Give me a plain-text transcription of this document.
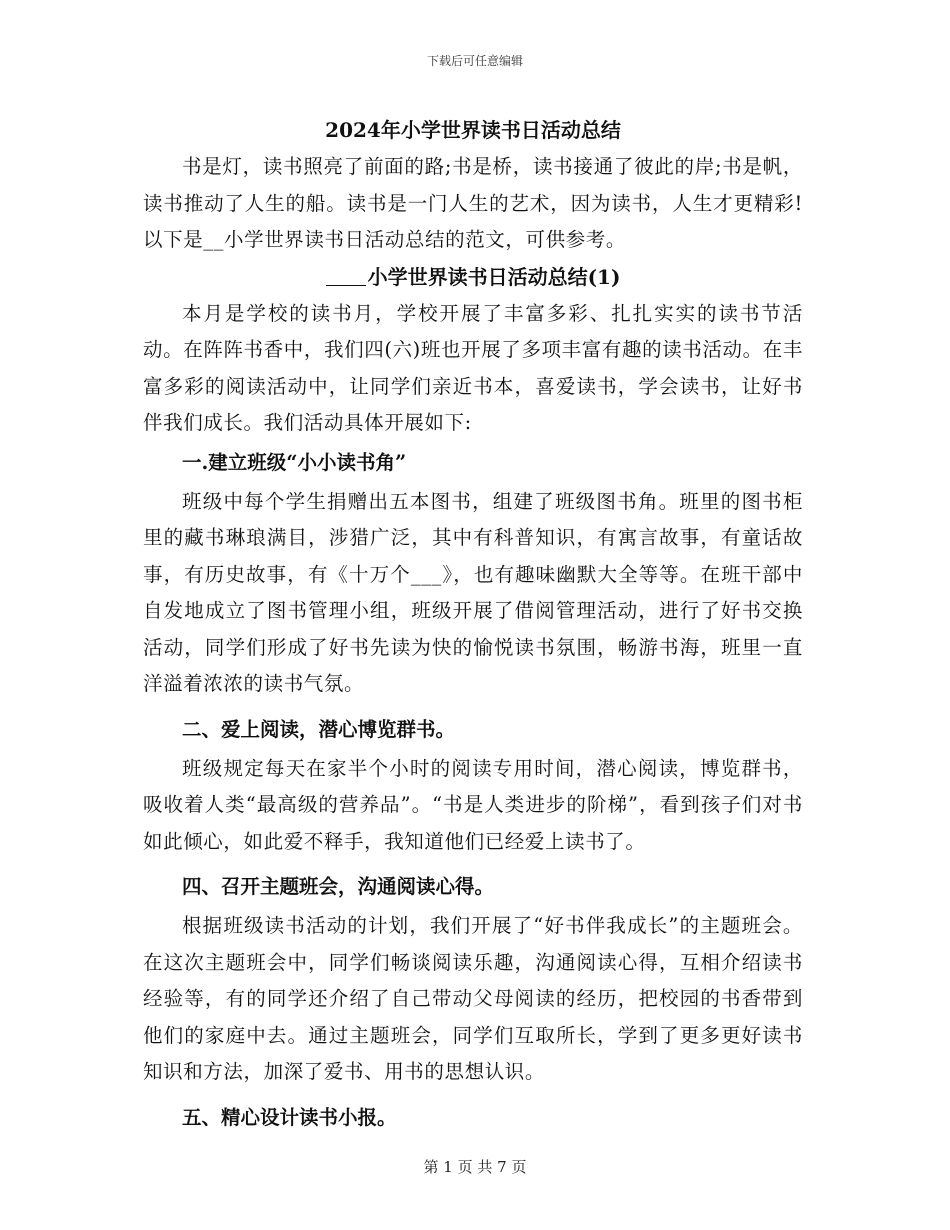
下载后可任意编辑
2024年小学世界读书日活动总结

书是灯，读书照亮了前面的路;书是桥，读书接通了彼此的岸;书是帆，读书推动了人生的船。读书是一门人生的艺术，因为读书，人生才更精彩!以下是__小学世界读书日活动总结的范文，可供参考。

小学世界读书日活动总结(1)

本月是学校的读书月，学校开展了丰富多彩、扎扎实实的读书节活动。在阵阵书香中，我们四(六)班也开展了多项丰富有趣的读书活动。在丰富多彩的阅读活动中，让同学们亲近书本，喜爱读书，学会读书，让好书伴我们成长。我们活动具体开展如下:

一.建立班级“小小读书角”

班级中每个学生捐赠出五本图书，组建了班级图书角。班里的图书柜里的藏书琳琅满目，涉猎广泛，其中有科普知识，有寓言故事，有童话故事，有历史故事，有《十万个___》，也有趣味幽默大全等等。在班干部中自发地成立了图书管理小组，班级开展了借阅管理活动，进行了好书交换活动，同学们形成了好书先读为快的愉悦读书氛围，畅游书海，班里一直洋溢着浓浓的读书气氛。

二、爱上阅读，潜心博览群书。

班级规定每天在家半个小时的阅读专用时间，潜心阅读，博览群书，吸收着人类“最高级的营养品”。“书是人类进步的阶梯”，看到孩子们对书如此倾心，如此爱不释手，我知道他们已经爱上读书了。

四、召开主题班会，沟通阅读心得。

根据班级读书活动的计划，我们开展了“好书伴我成长”的主题班会。在这次主题班会中，同学们畅谈阅读乐趣，沟通阅读心得，互相介绍读书经验等，有的同学还介绍了自己带动父母阅读的经历，把校园的书香带到他们的家庭中去。通过主题班会，同学们互取所长，学到了更多更好读书知识和方法，加深了爱书、用书的思想认识。

五、精心设计读书小报。
第 1 页 共 7 页
